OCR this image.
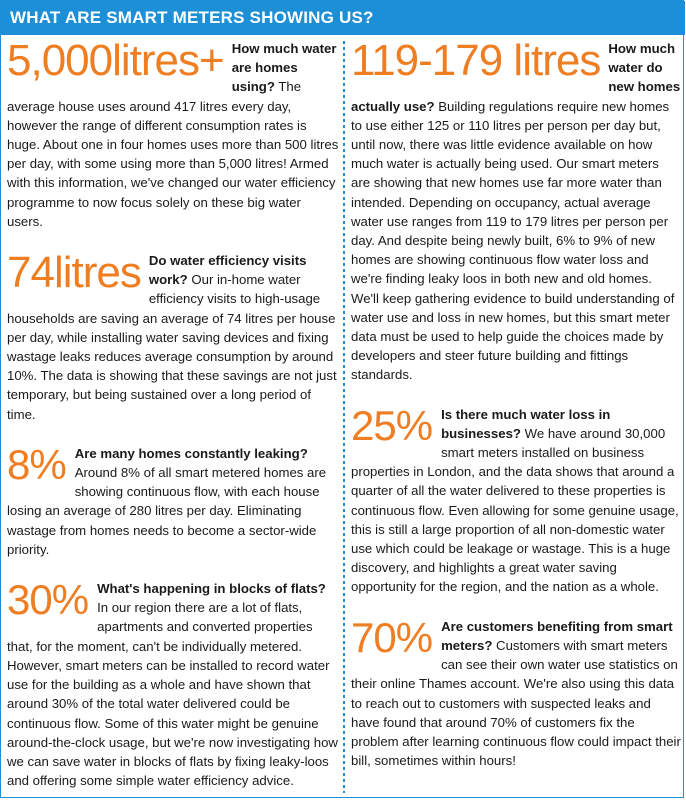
WHAT ARE SMART METERS SHOWING US?
5,000litres+ How much water are homes using? The average house uses around 417 litres every day, however the range of different consumption rates is huge. About one in four homes uses more than 500 litres per day, with some using more than 5,000 litres! Armed with this information, we've changed our water efficiency programme to now focus solely on these big water users.
74litres Do water efficiency visits work? Our in-home water efficiency visits to high-usage households are saving an average of 74 litres per house per day, while installing water saving devices and fixing wastage leaks reduces average consumption by around 10%. The data is showing that these savings are not just temporary, but being sustained over a long period of time.
8% Are many homes constantly leaking? Around 8% of all smart metered homes are showing continuous flow, with each house losing an average of 280 litres per day. Eliminating wastage from homes needs to become a sector-wide priority.
30% What's happening in blocks of flats? In our region there are a lot of flats, apartments and converted properties that, for the moment, can't be individually metered. However, smart meters can be installed to record water use for the building as a whole and have shown that around 30% of the total water delivered could be continuous flow. Some of this water might be genuine around-the-clock usage, but we're now investigating how we can save water in blocks of flats by fixing leaky-loos and offering some simple water efficiency advice.
119-179 litres How much water do new homes actually use? Building regulations require new homes to use either 125 or 110 litres per person per day but, until now, there was little evidence available on how much water is actually being used. Our smart meters are showing that new homes use far more water than intended. Depending on occupancy, actual average water use ranges from 119 to 179 litres per person per day. And despite being newly built, 6% to 9% of new homes are showing continuous flow water loss and we're finding leaky loos in both new and old homes. We'll keep gathering evidence to build understanding of water use and loss in new homes, but this smart meter data must be used to help guide the choices made by developers and steer future building and fittings standards.
25% Is there much water loss in businesses? We have around 30,000 smart meters installed on business properties in London, and the data shows that around a quarter of all the water delivered to these properties is continuous flow. Even allowing for some genuine usage, this is still a large proportion of all non-domestic water use which could be leakage or wastage. This is a huge discovery, and highlights a great water saving opportunity for the region, and the nation as a whole.
70% Are customers benefiting from smart meters? Customers with smart meters can see their own water use statistics on their online Thames account. We're also using this data to reach out to customers with suspected leaks and have found that around 70% of customers fix the problem after learning continuous flow could impact their bill, sometimes within hours!
